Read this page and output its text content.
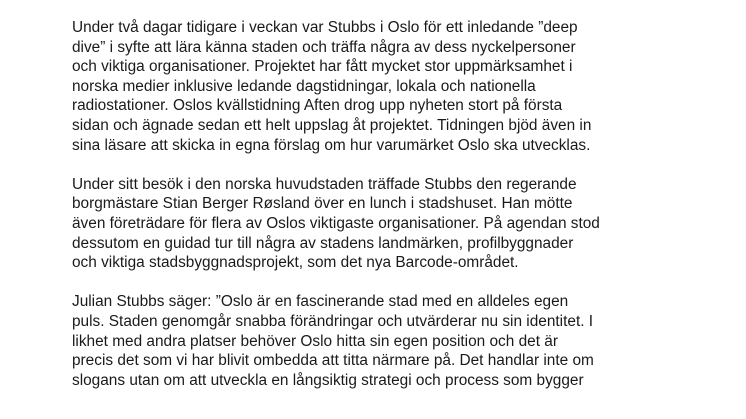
Under två dagar tidigare i veckan var Stubbs i Oslo för ett inledande ”deep
dive” i syfte att lära känna staden och träffa några av dess nyckelpersoner
och viktiga organisationer. Projektet har fått mycket stor uppmärksamhet i
norska medier inklusive ledande dagstidningar, lokala och nationella
radiostationer. Oslos kvällstidning Aften drog upp nyheten stort på första
sidan och ägnade sedan ett helt uppslag åt projektet. Tidningen bjöd även in
sina läsare att skicka in egna förslag om hur varumärket Oslo ska utvecklas.

Under sitt besök i den norska huvudstaden träffade Stubbs den regerande
borgmästare Stian Berger Røsland över en lunch i stadshuset. Han mötte
även företrädare för flera av Oslos viktigaste organisationer. På agendan stod
dessutom en guidad tur till några av stadens landmärken, profilbyggnader
och viktiga stadsbyggnadsprojekt, som det nya Barcode-området.

Julian Stubbs säger: ”Oslo är en fascinerande stad med en alldeles egen
puls. Staden genomgår snabba förändringar och utvärderar nu sin identitet. I
likhet med andra platser behöver Oslo hitta sin egen position och det är
precis det som vi har blivit ombedda att titta närmare på. Det handlar inte om
slogans utan om att utveckla en långsiktig strategi och process som bygger
